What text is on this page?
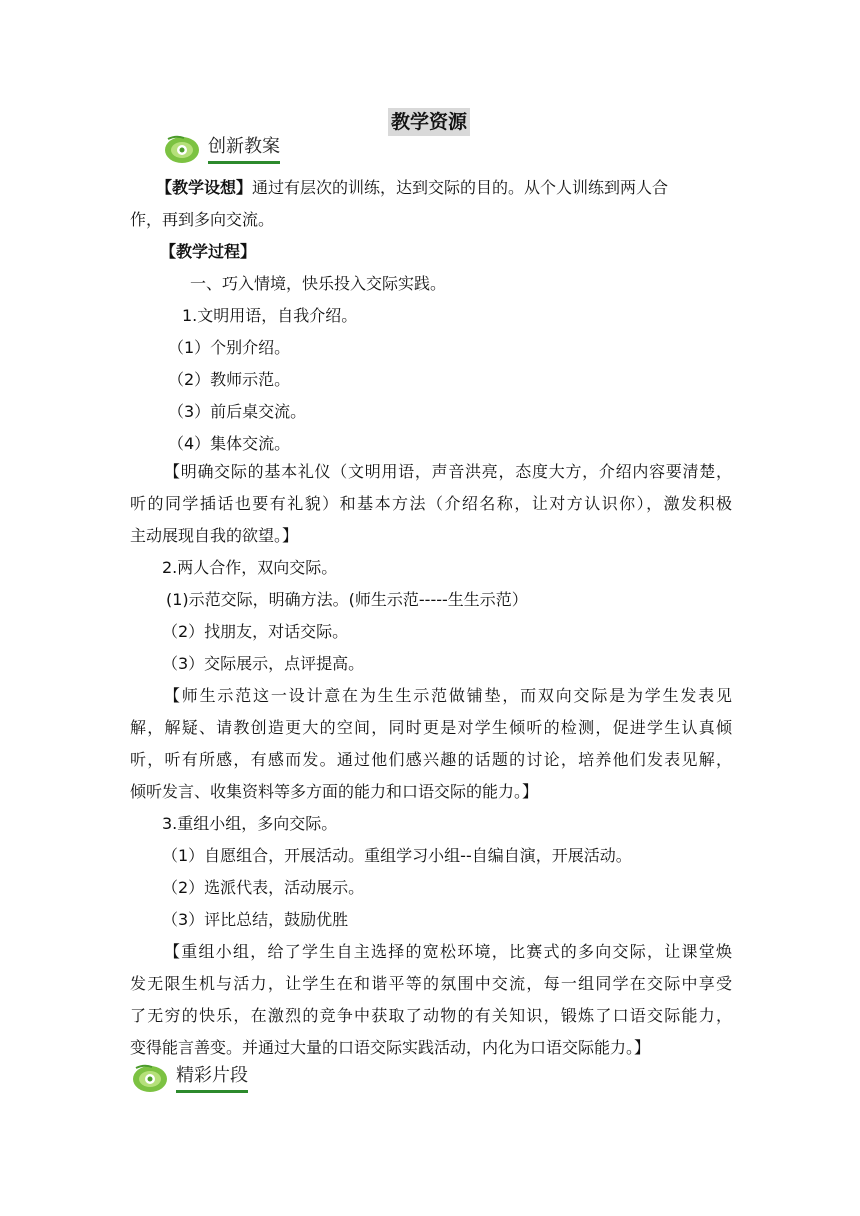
教学资源
创新教案
【教学设想】通过有层次的训练，达到交际的目的。从个人训练到两人合
作，再到多向交流。
【教学过程】
一、巧入情境，快乐投入交际实践。
1.文明用语，自我介绍。
（1）个别介绍。
（2）教师示范。
（3）前后桌交流。
（4）集体交流。
【明确交际的基本礼仪（文明用语，声音洪亮，态度大方，介绍内容要清楚，
听的同学插话也要有礼貌）和基本方法（介绍名称，让对方认识你），激发积极
主动展现自我的欲望。】
2.两人合作，双向交际。
(1)示范交际，明确方法。(师生示范-----生生示范）
（2）找朋友，对话交际。
（3）交际展示，点评提高。
【师生示范这一设计意在为生生示范做铺垫，而双向交际是为学生发表见
解，解疑、请教创造更大的空间，同时更是对学生倾听的检测，促进学生认真倾
听，听有所感，有感而发。通过他们感兴趣的话题的讨论，培养他们发表见解，
倾听发言、收集资料等多方面的能力和口语交际的能力。】
3.重组小组，多向交际。
（1）自愿组合，开展活动。重组学习小组--自编自演，开展活动。
（2）选派代表，活动展示。
（3）评比总结，鼓励优胜
【重组小组，给了学生自主选择的宽松环境，比赛式的多向交际，让课堂焕
发无限生机与活力，让学生在和谐平等的氛围中交流，每一组同学在交际中享受
了无穷的快乐，在激烈的竞争中获取了动物的有关知识，锻炼了口语交际能力，
变得能言善变。并通过大量的口语交际实践活动，内化为口语交际能力。】
精彩片段
